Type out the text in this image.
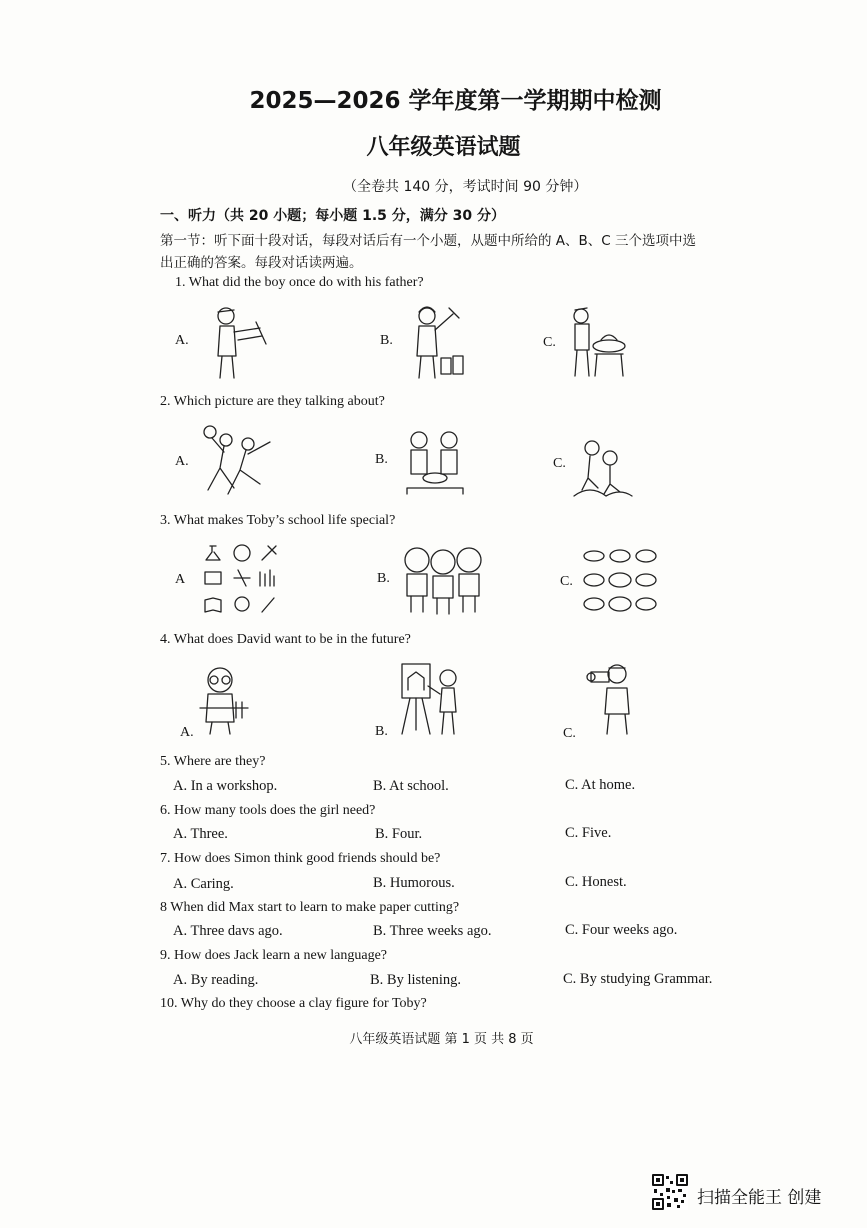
2025—2026 学年度第一学期期中检测
八年级英语试题
（全卷共 140 分，考试时间 90 分钟）
一、听力（共 20 小题；每小题 1.5 分，满分 30 分）
第一节：听下面十段对话，每段对话后有一个小题，从题中所给的 A、B、C 三个选项中选
出正确的答案。每段对话读两遍。
1. What did the boy once do with his father?
A.	B.	C.
2. Which picture are they talking about?
A.	B.	C.
3. What makes Toby’s school life special?
A	B.	C.
4. What does David want to be in the future?
A.	B.	C.
5. Where are they?
A. In a workshop.	B. At school.	C. At home.
6. How many tools does the girl need?
A. Three.	B. Four.	C. Five.
7. How does Simon think good friends should be?
A. Caring.	B. Humorous.	C. Honest.
8 When did Max start to learn to make paper cutting?
A. Three davs ago.	B. Three weeks ago.	C. Four weeks ago.
9. How does Jack learn a new language?
A. By reading.	B. By listening.	C. By studying Grammar.
10. Why do they choose a clay figure for Toby?
八年级英语试题 第 1 页 共 8 页
扫描全能王 创建
